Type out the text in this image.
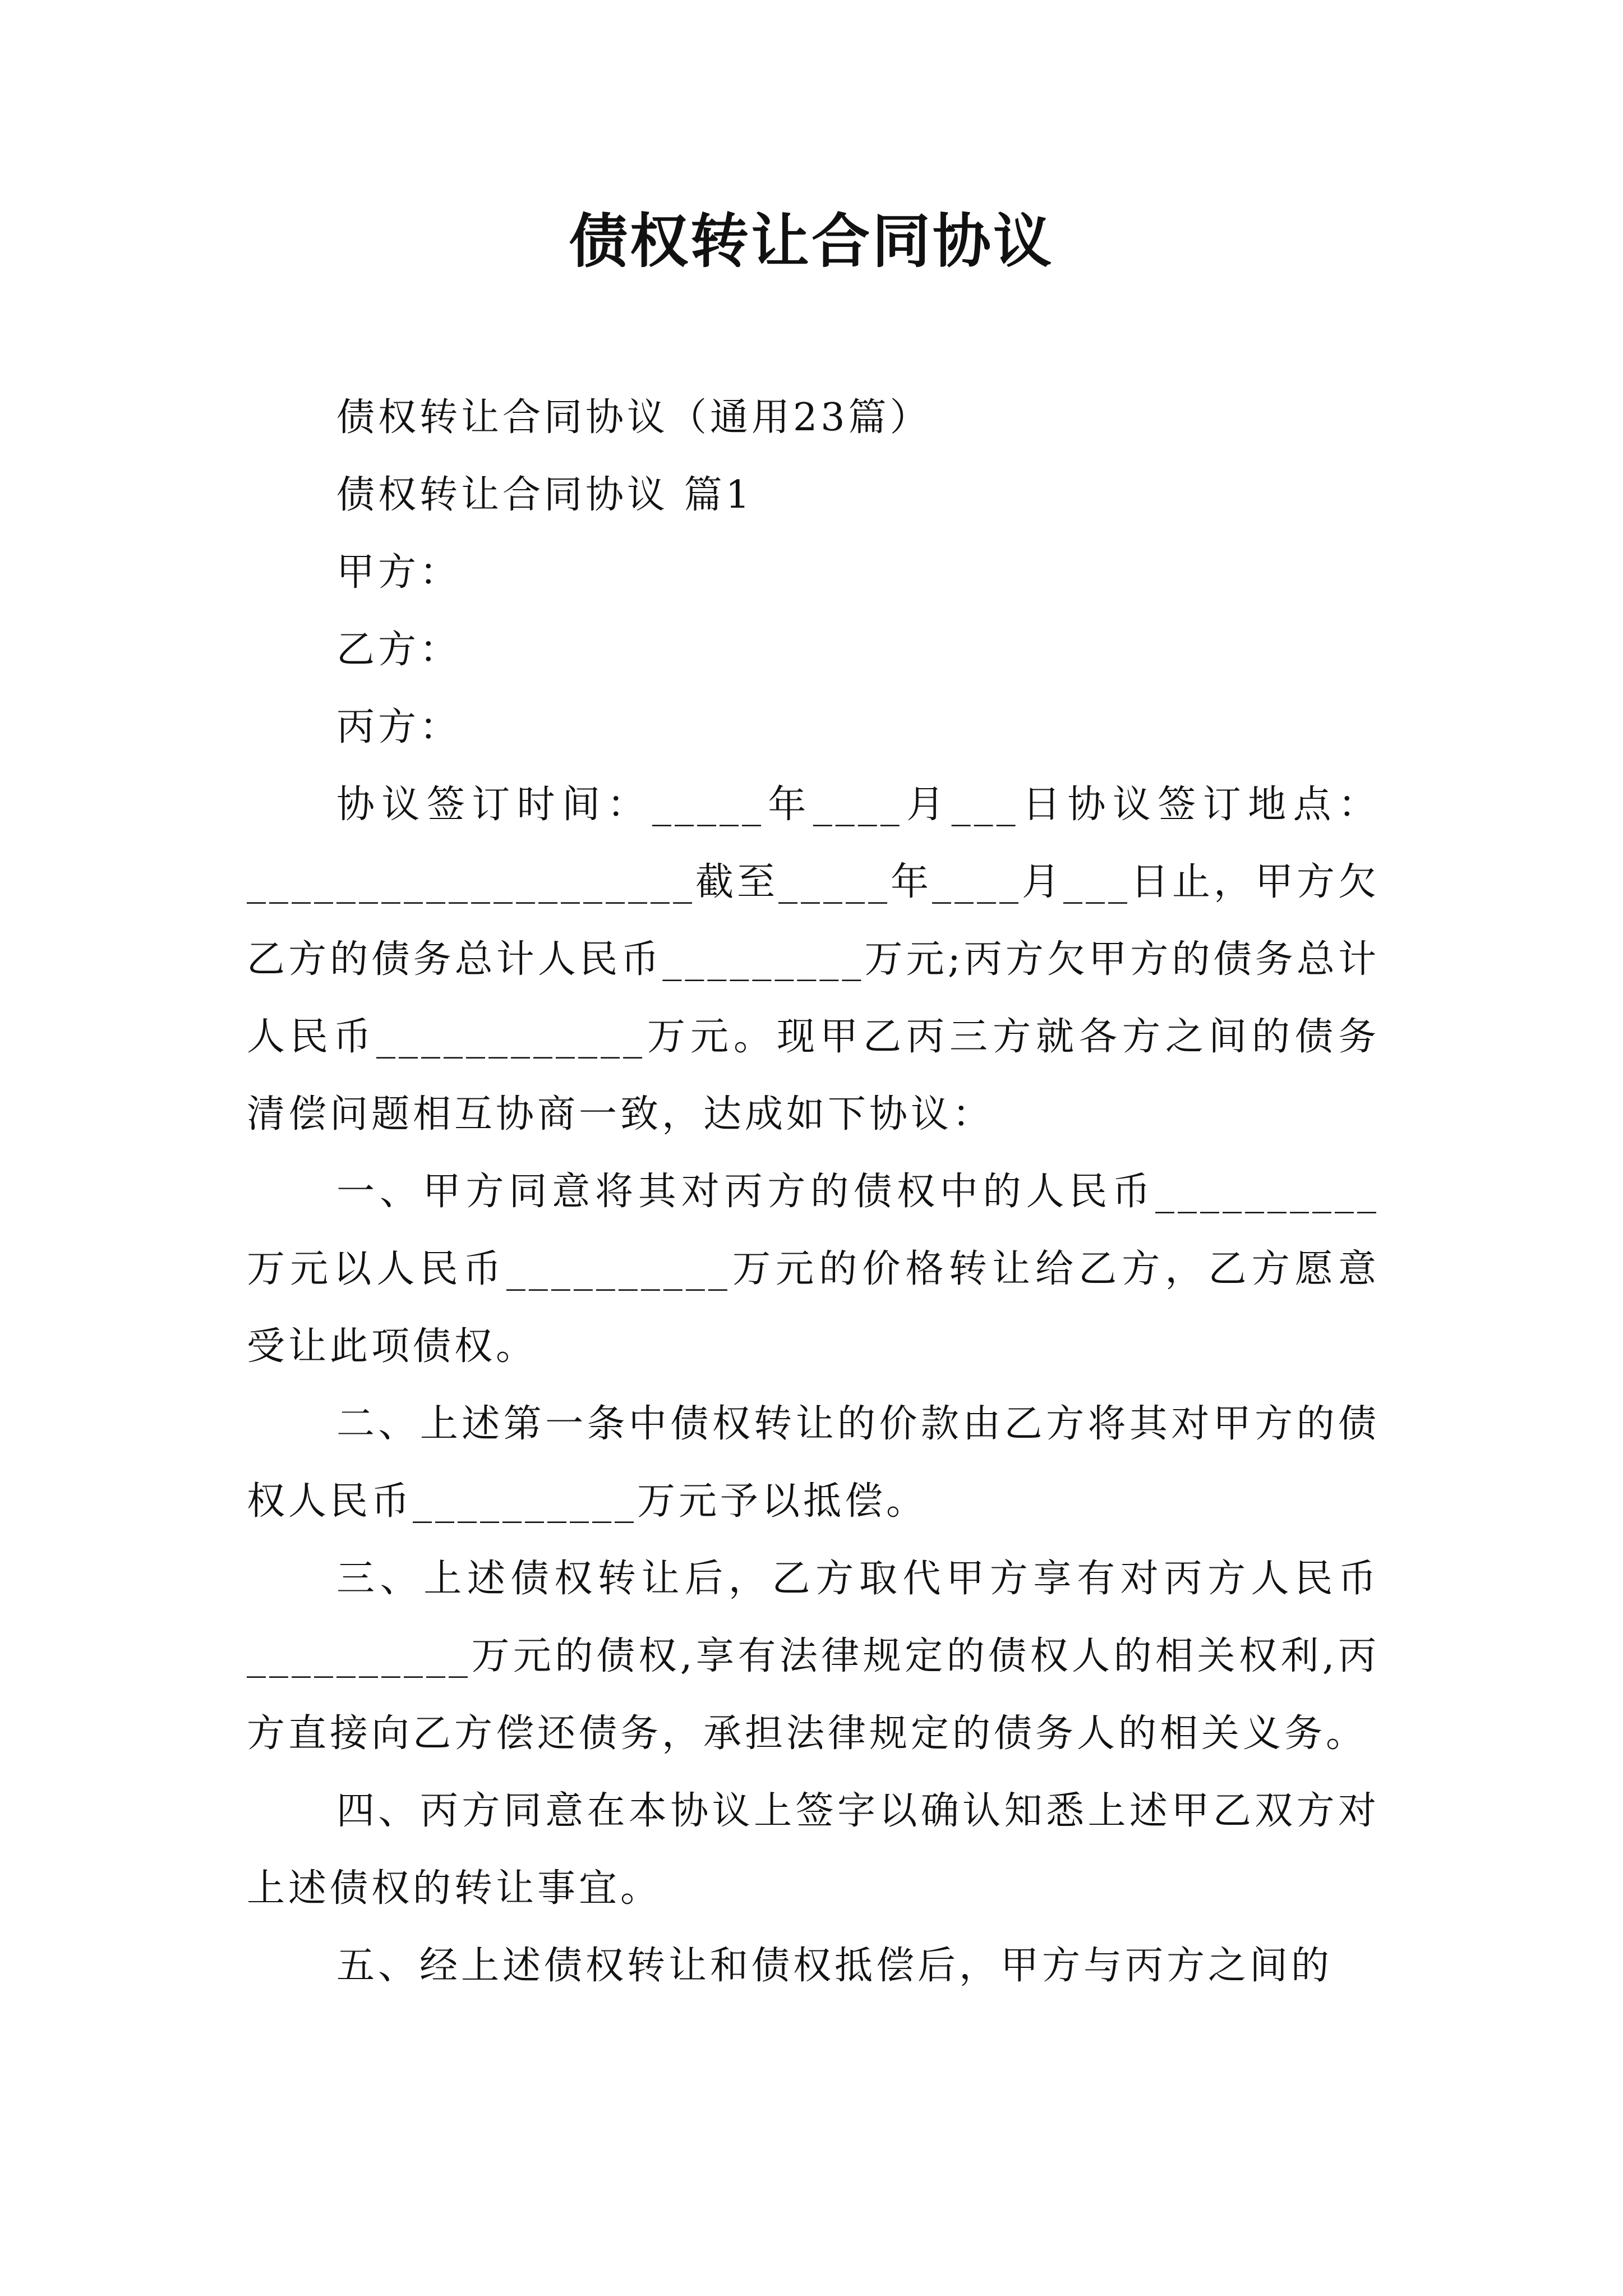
债权转让合同协议

债权转让合同协议（通用23篇）

债权转让合同协议 篇1

甲方：

乙方：

丙方：

协议签订时间：_____年____月___日协议签订地点：____________________截至_____年____月___日止，甲方欠乙方的债务总计人民币_________万元;丙方欠甲方的债务总计人民币____________万元。现甲乙丙三方就各方之间的债务清偿问题相互协商一致，达成如下协议：

一、甲方同意将其对丙方的债权中的人民币__________万元以人民币__________万元的价格转让给乙方，乙方愿意受让此项债权。

二、上述第一条中债权转让的价款由乙方将其对甲方的债权人民币__________万元予以抵偿。

三、上述债权转让后，乙方取代甲方享有对丙方人民币__________万元的债权,享有法律规定的债权人的相关权利,丙方直接向乙方偿还债务，承担法律规定的债务人的相关义务。

四、丙方同意在本协议上签字以确认知悉上述甲乙双方对上述债权的转让事宜。

五、经上述债权转让和债权抵偿后，甲方与丙方之间的
